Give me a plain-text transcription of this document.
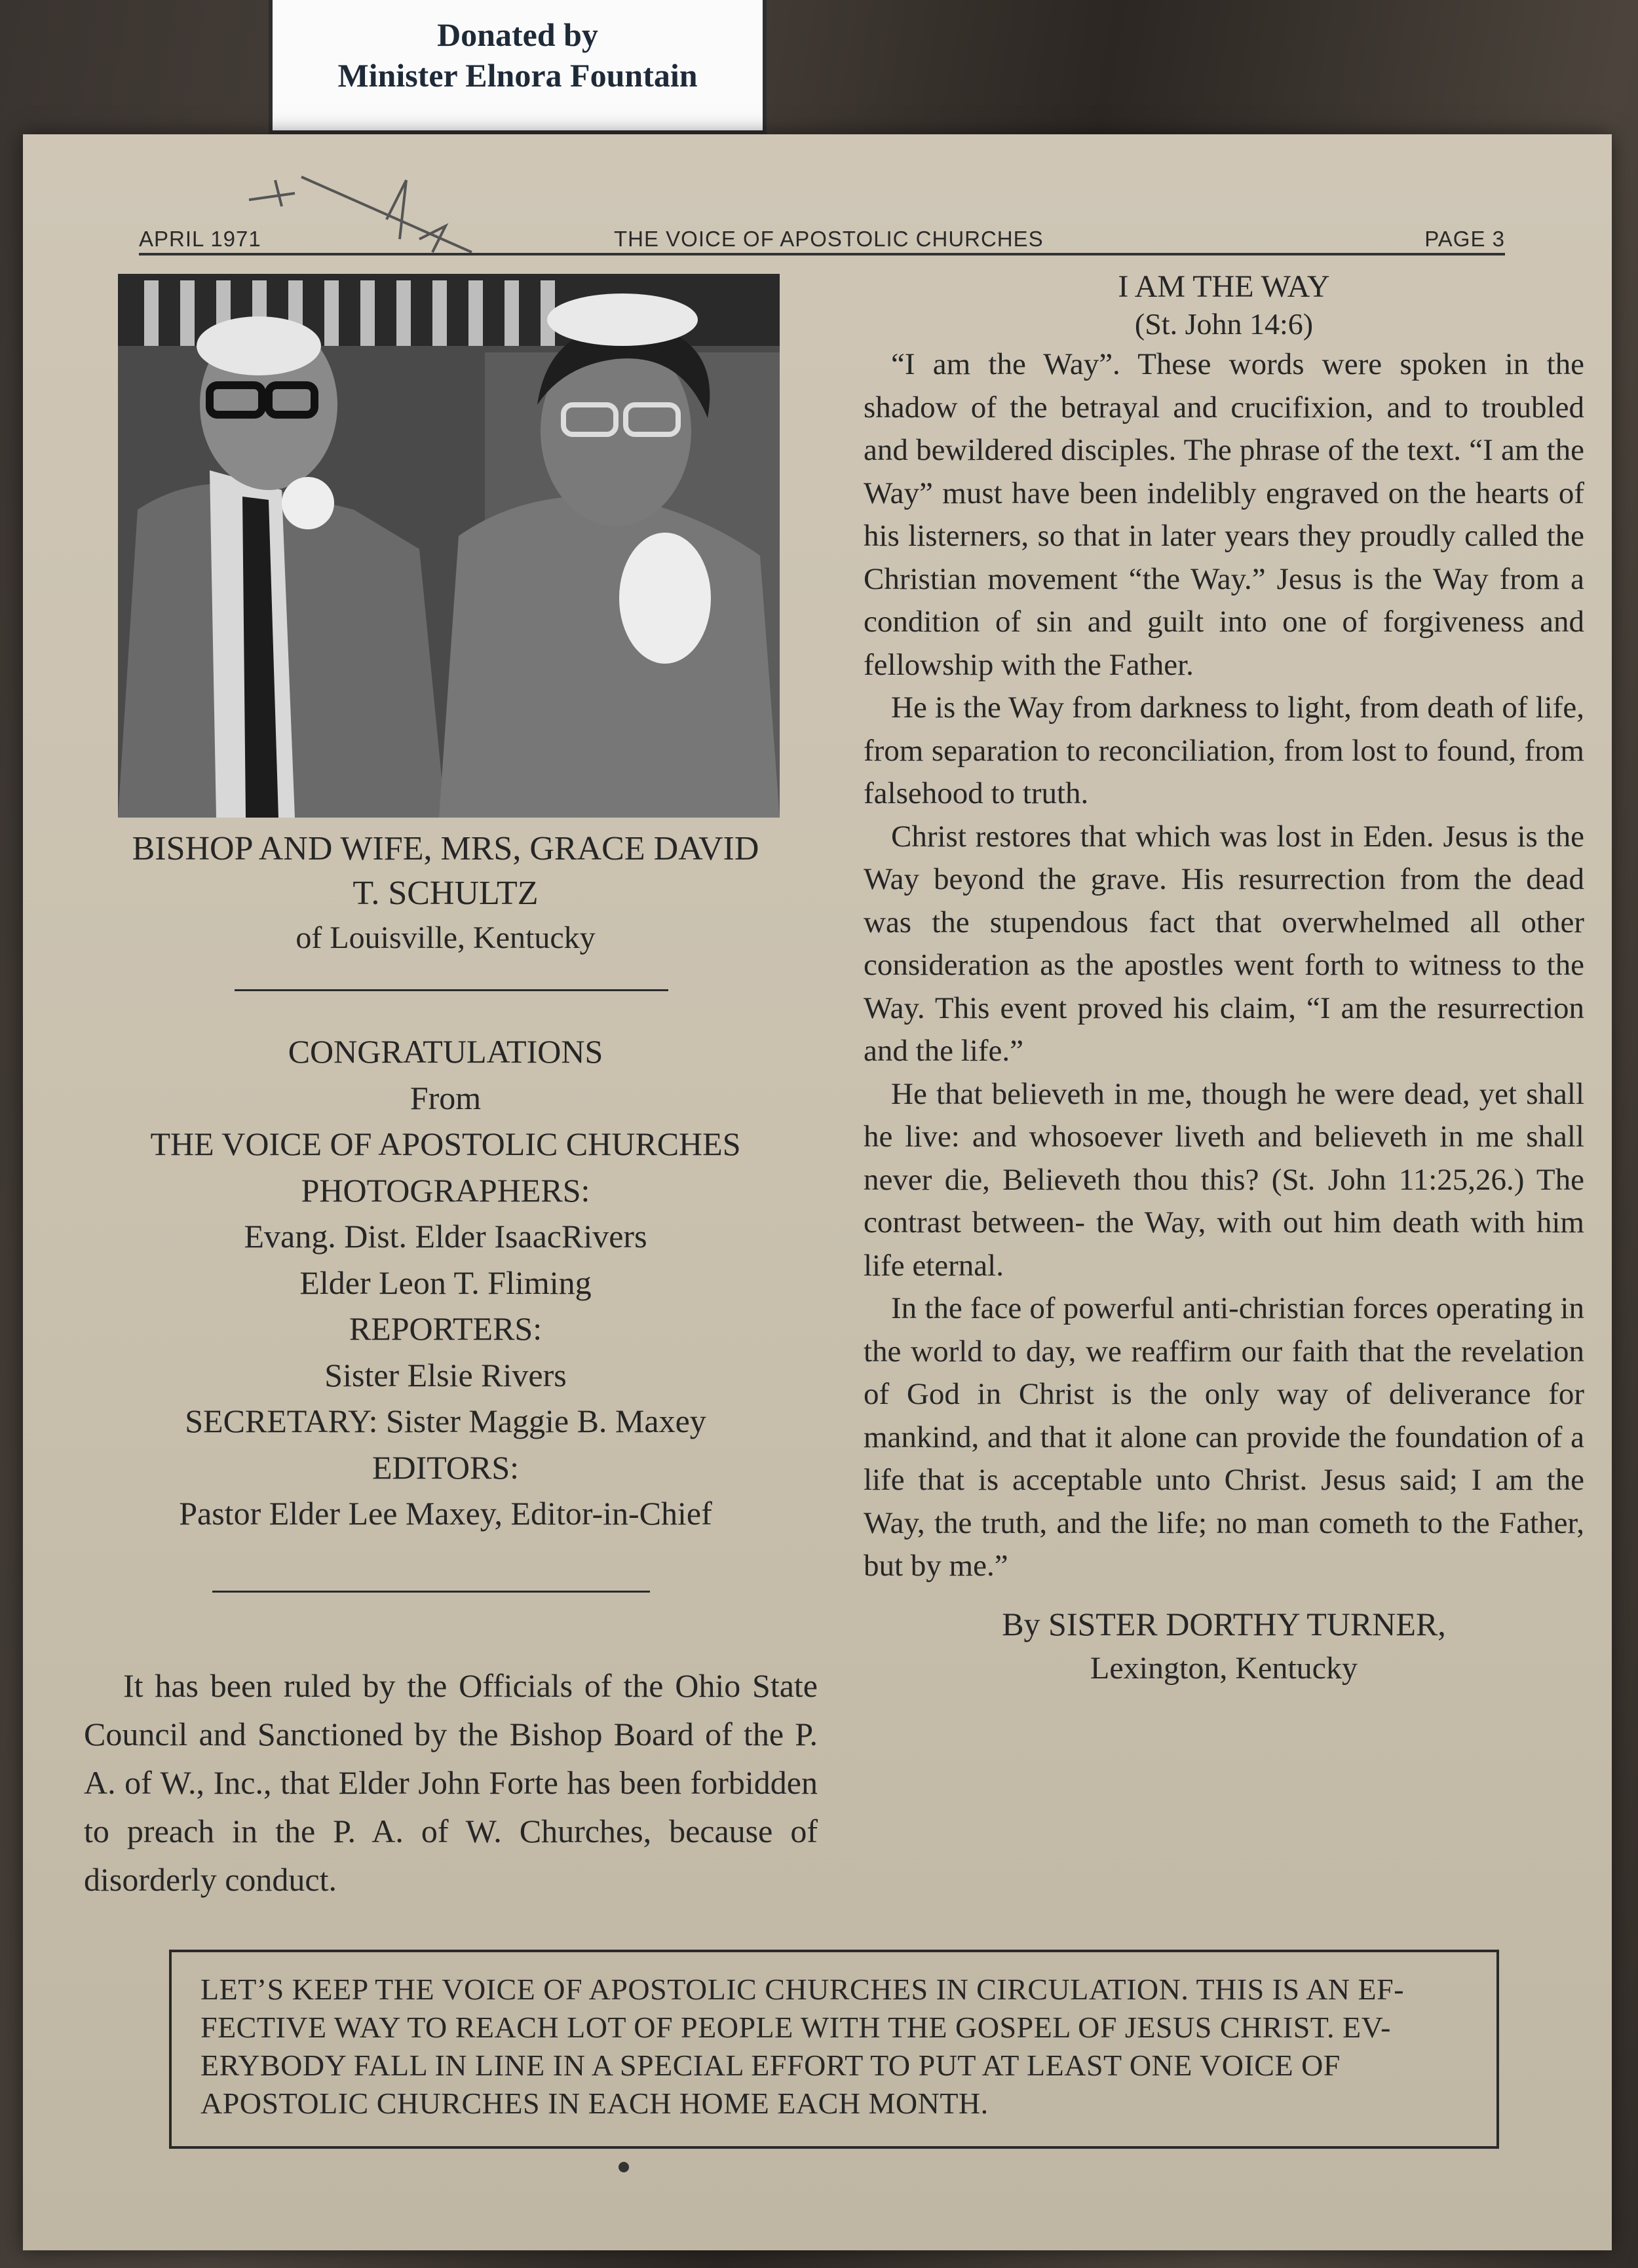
Donated by
Minister Elnora Fountain
APRIL 1971	THE VOICE OF APOSTOLIC CHURCHES	PAGE 3
BISHOP AND WIFE, MRS, GRACE DAVID
T. SCHULTZ
of Louisville, Kentucky
CONGRATULATIONS
From
THE VOICE OF APOSTOLIC CHURCHES
PHOTOGRAPHERS:
Evang. Dist. Elder IsaacRivers
Elder Leon T. Fliming
REPORTERS:
Sister Elsie Rivers
SECRETARY: Sister Maggie B. Maxey
EDITORS:
Pastor Elder Lee Maxey, Editor-in-Chief
It has been ruled by the Officials of the Ohio State Council and Sanctioned by the Bishop Board of the P. A. of W., Inc., that Elder John Forte has been forbidden to preach in the P. A. of W. Churches, because of disorderly conduct.
I AM THE WAY
(St. John 14:6)

“I am the Way”. These words were spoken in the shadow of the betrayal and crucifixion, and to troubled and bewildered disciples. The phrase of the text. “I am the Way” must have been indelibly engraved on the hearts of his listerners, so that in later years they proudly called the Christian movement “the Way.” Jesus is the Way from a condition of sin and guilt into one of forgiveness and fellowship with the Father.

He is the Way from darkness to light, from death of life, from separation to reconciliation, from lost to found, from falsehood to truth.

Christ restores that which was lost in Eden. Jesus is the Way beyond the grave. His resurrection from the dead was the stupendous fact that overwhelmed all other consideration as the apostles went forth to witness to the Way. This event proved his claim, “I am the resurrection and the life.”

He that believeth in me, though he were dead, yet shall he live: and whosoever liveth and believeth in me shall never die, Believeth thou this? (St. John 11:25,26.) The contrast between- the Way, with out him death with him life eternal.

In the face of powerful anti-christian forces operating in the world to day, we reaffirm our faith that the revelation of God in Christ is the only way of deliverance for mankind, and that it alone can provide the foundation of a life that is acceptable unto Christ. Jesus said; I am the Way, the truth, and the life; no man cometh to the Father, but by me.”

By SISTER DORTHY TURNER,
Lexington, Kentucky
LET’S KEEP THE VOICE OF APOSTOLIC CHURCHES IN CIRCULATION. THIS IS AN EF-
FECTIVE WAY TO REACH LOT OF PEOPLE WITH THE GOSPEL OF JESUS CHRIST. EV-
ERYBODY FALL IN LINE IN A SPECIAL EFFORT TO PUT AT LEAST ONE VOICE OF
APOSTOLIC CHURCHES IN EACH HOME EACH MONTH.
